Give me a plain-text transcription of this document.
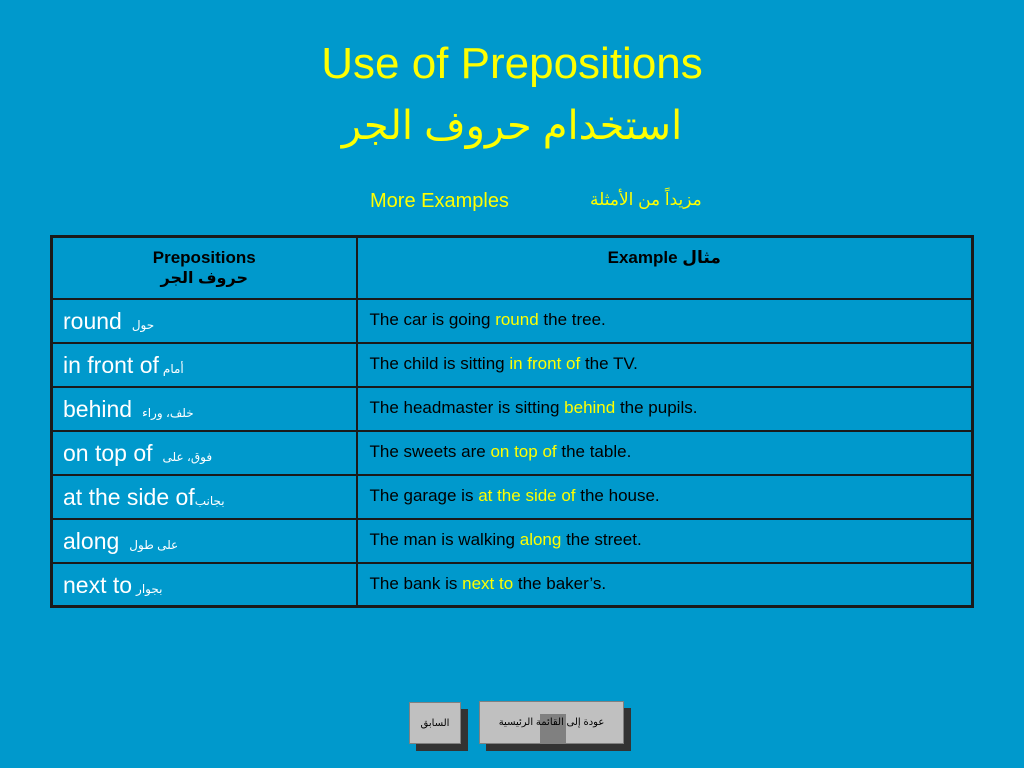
Use of Prepositions
استخدام حروف الجر
More Examples	مزيداً من الأمثلة
Prepositions
حروف الجر	Example مثال
round حول	The car is going round the tree.
in front of أمام	The child is sitting in front of the TV.
behind خلف، وراء	The headmaster is sitting behind the pupils.
on top of فوق، على	The sweets are on top of the table.
at the side ofبجانب	The garage is at the side of the house.
along على طول	The man is walking along the street.
next to بجوار	The bank is next to the baker’s.
السابق	عودة إلى القائمة الرئيسية
